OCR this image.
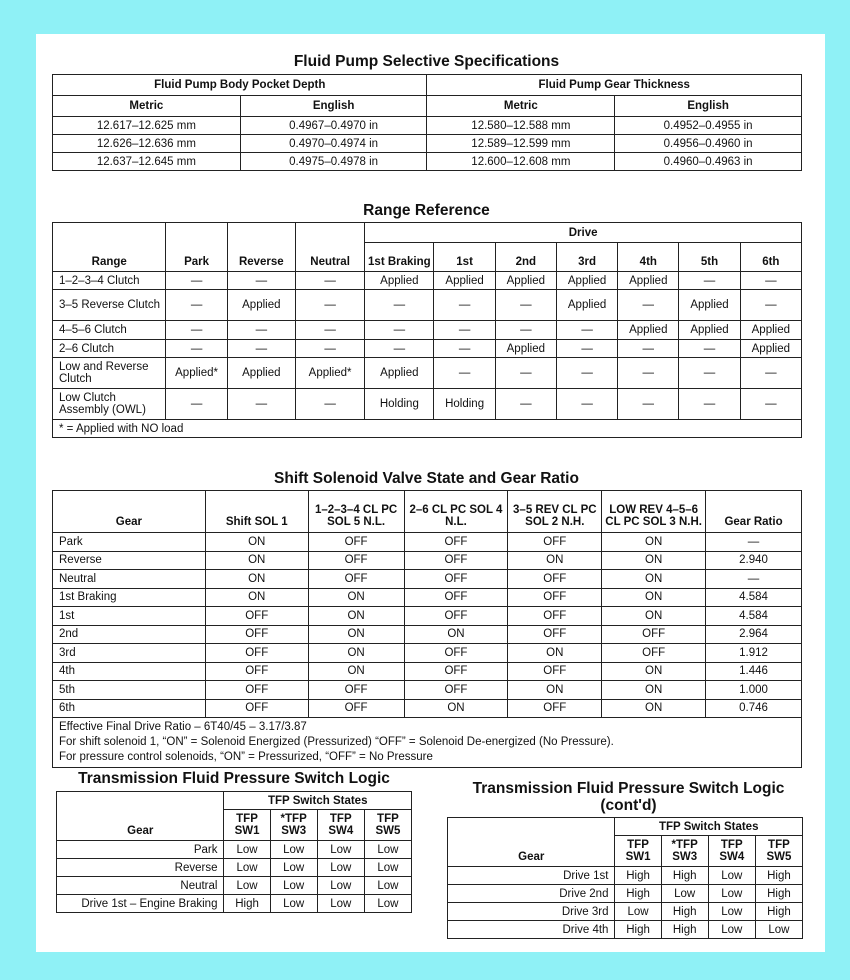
Fluid Pump Selective Specifications
Fluid Pump Body Pocket Depth		Fluid Pump Gear Thickness	
Metric	English	Metric	English
12.617–12.625 mm	0.4967–0.4970 in	12.580–12.588 mm	0.4952–0.4955 in
12.626–12.636 mm	0.4970–0.4974 in	12.589–12.599 mm	0.4956–0.4960 in
12.637–12.645 mm	0.4975–0.4978 in	12.600–12.608 mm	0.4960–0.4963 in
Range Reference
Range	Park	Reverse	Neutral	Drive						
				1st Braking	1st	2nd	3rd	4th	5th	6th
1–2–3–4 Clutch	—	—	—	Applied	Applied	Applied	Applied	Applied	—	—
3–5 Reverse Clutch	—	Applied	—	—	—	—	Applied	—	Applied	—
4–5–6 Clutch	—	—	—	—	—	—	—	Applied	Applied	Applied
2–6 Clutch	—	—	—	—	—	Applied	—	—	—	Applied
Low and Reverse Clutch	Applied*	Applied	Applied*	Applied	—	—	—	—	—	—
Low Clutch Assembly (OWL)	—	—	—	Holding	Holding	—	—	—	—	—
* = Applied with NO load										
Shift Solenoid Valve State and Gear Ratio
Gear	Shift SOL 1	1–2–3–4 CL PC SOL 5 N.L.	2–6 CL PC SOL 4 N.L.	3–5 REV CL PC SOL 2 N.H.	LOW REV 4–5–6 CL PC SOL 3 N.H.	Gear Ratio
Park	ON	OFF	OFF	OFF	ON	—
Reverse	ON	OFF	OFF	ON	ON	2.940
Neutral	ON	OFF	OFF	OFF	ON	—
1st Braking	ON	ON	OFF	OFF	ON	4.584
1st	OFF	ON	OFF	OFF	ON	4.584
2nd	OFF	ON	ON	OFF	OFF	2.964
3rd	OFF	ON	OFF	ON	OFF	1.912
4th	OFF	ON	OFF	OFF	ON	1.446
5th	OFF	OFF	OFF	ON	ON	1.000
6th	OFF	OFF	ON	OFF	ON	0.746

Effective Final Drive Ratio – 6T40/45 – 3.17/3.87
For shift solenoid 1, “ON” = Solenoid Energized (Pressurized) “OFF” = Solenoid De-energized (No Pressure).
For pressure control solenoids, “ON” = Pressurized, “OFF” = No Pressure						
Transmission Fluid Pressure Switch Logic
	TFP Switch States			
Gear	TFP SW1	*TFP SW3	TFP SW4	TFP SW5
Park	Low	Low	Low	Low
Reverse	Low	Low	Low	Low
Neutral	Low	Low	Low	Low
Drive 1st – Engine Braking	High	Low	Low	Low
Transmission Fluid Pressure Switch Logic
(cont'd)
	TFP Switch States			
Gear	TFP SW1	*TFP SW3	TFP SW4	TFP SW5
Drive 1st	High	High	Low	High
Drive 2nd	High	Low	Low	High
Drive 3rd	Low	High	Low	High
Drive 4th	High	High	Low	Low
